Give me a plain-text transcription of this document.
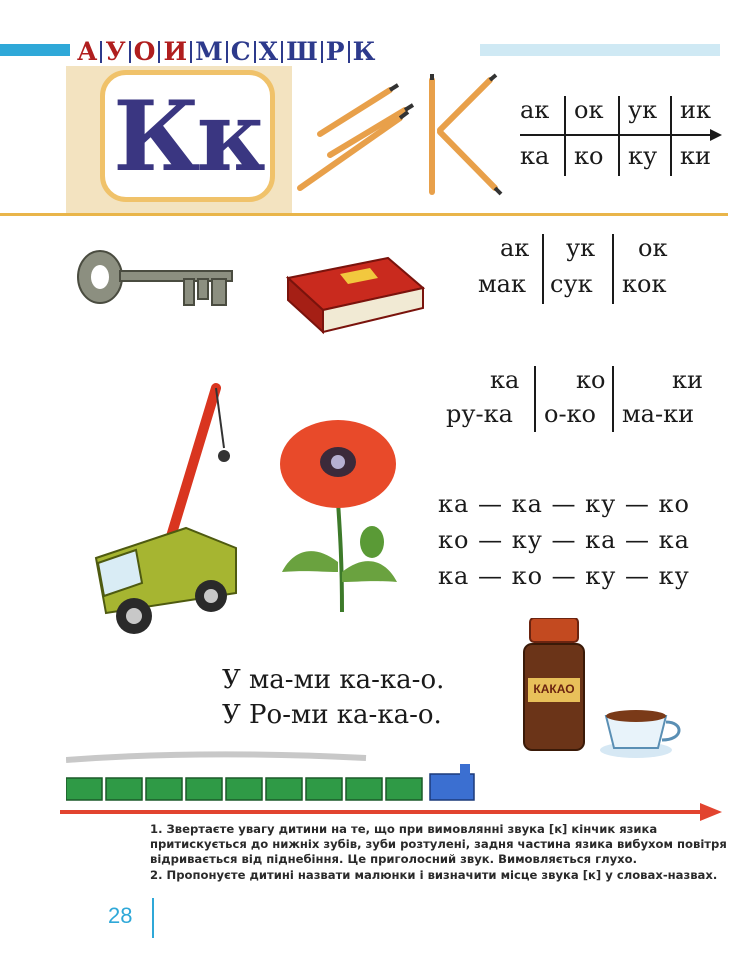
А У О И М С Х Ш Р К
Кк	ак ок ук ик
ка ко ку ки
ак ук ок
мак сук кок
ка ко	ки
ру-ка о-ко ма-ки
ка — ка — ку — ко
ко — ку — ка — ка
ка — ко — ку — ку
У ма-ми ка-ка-о.
У Ро-ми ка-ка-о.
КАКАО

1. Звертаєте увагу дитини на те, що при вимовлянні звука [к] кінчик язика притискується до нижніх зубів, зуби розтулені, задня частина язика вибухом повітря відривається від піднебіння. Це приголосний звук. Вимовляється глухо.

2. Пропонуєте дитині назвати малюнки і визначити місце звука [к] у словах-назвах.

28
